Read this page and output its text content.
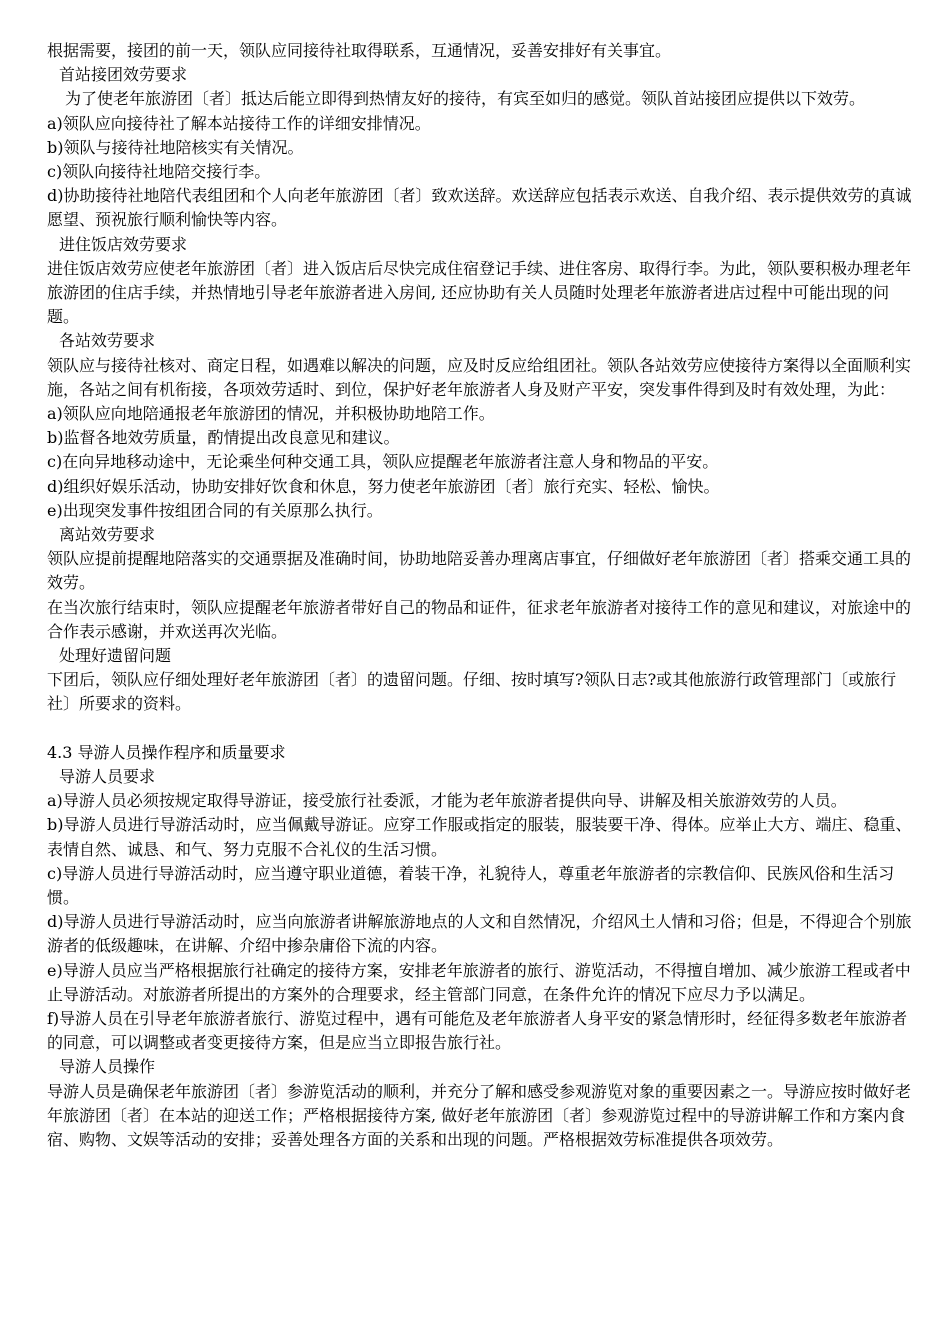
根据需要，接团的前一天，领队应同接待社取得联系，互通情况，妥善安排好有关事宜。

首站接团效劳要求

为了使老年旅游团〔者〕抵达后能立即得到热情友好的接待，有宾至如归的感觉。领队首站接团应提供以下效劳。

a)领队应向接待社了解本站接待工作的详细安排情况。

b)领队与接待社地陪核实有关情况。

c)领队向接待社地陪交接行李。

d)协助接待社地陪代表组团和个人向老年旅游团〔者〕致欢送辞。欢送辞应包括表示欢送、自我介绍、表示提供效劳的真诚愿望、预祝旅行顺利愉快等内容。

进住饭店效劳要求

进住饭店效劳应使老年旅游团〔者〕进入饭店后尽快完成住宿登记手续、进住客房、取得行李。为此，领队要积极办理老年旅游团的住店手续，并热情地引导老年旅游者进入房间, 还应协助有关人员随时处理老年旅游者进店过程中可能出现的问题。

各站效劳要求

领队应与接待社核对、商定日程，如遇难以解决的问题，应及时反应给组团社。领队各站效劳应使接待方案得以全面顺利实施，各站之间有机衔接，各项效劳适时、到位，保护好老年旅游者人身及财产平安，突发事件得到及时有效处理，为此：

a)领队应向地陪通报老年旅游团的情况，并积极协助地陪工作。

b)监督各地效劳质量，酌情提出改良意见和建议。

c)在向异地移动途中，无论乘坐何种交通工具，领队应提醒老年旅游者注意人身和物品的平安。

d)组织好娱乐活动，协助安排好饮食和休息，努力使老年旅游团〔者〕旅行充实、轻松、愉快。

e)出现突发事件按组团合同的有关原那么执行。

离站效劳要求

领队应提前提醒地陪落实的交通票据及准确时间，协助地陪妥善办理离店事宜，仔细做好老年旅游团〔者〕搭乘交通工具的效劳。

在当次旅行结束时，领队应提醒老年旅游者带好自己的物品和证件，征求老年旅游者对接待工作的意见和建议，对旅途中的合作表示感谢，并欢送再次光临。

处理好遗留问题

下团后，领队应仔细处理好老年旅游团〔者〕的遗留问题。仔细、按时填写?领队日志?或其他旅游行政管理部门〔或旅行社〕所要求的资料。

4.3 导游人员操作程序和质量要求

导游人员要求

a)导游人员必须按规定取得导游证，接受旅行社委派，才能为老年旅游者提供向导、讲解及相关旅游效劳的人员。

b)导游人员进行导游活动时，应当佩戴导游证。应穿工作服或指定的服装，服装要干净、得体。应举止大方、端庄、稳重、表情自然、诚恳、和气、努力克服不合礼仪的生活习惯。

c)导游人员进行导游活动时，应当遵守职业道德，着装干净，礼貌待人，尊重老年旅游者的宗教信仰、民族风俗和生活习惯。

d)导游人员进行导游活动时，应当向旅游者讲解旅游地点的人文和自然情况，介绍风土人情和习俗；但是，不得迎合个别旅游者的低级趣味，在讲解、介绍中掺杂庸俗下流的内容。

e)导游人员应当严格根据旅行社确定的接待方案，安排老年旅游者的旅行、游览活动，不得擅自增加、减少旅游工程或者中止导游活动。对旅游者所提出的方案外的合理要求，经主管部门同意，在条件允许的情况下应尽力予以满足。

f)导游人员在引导老年旅游者旅行、游览过程中，遇有可能危及老年旅游者人身平安的紧急情形时，经征得多数老年旅游者的同意，可以调整或者变更接待方案，但是应当立即报告旅行社。

导游人员操作

导游人员是确保老年旅游团〔者〕参游览活动的顺利，并充分了解和感受参观游览对象的重要因素之一。导游应按时做好老年旅游团〔者〕在本站的迎送工作；严格根据接待方案, 做好老年旅游团〔者〕参观游览过程中的导游讲解工作和方案内食宿、购物、文娱等活动的安排；妥善处理各方面的关系和出现的问题。严格根据效劳标准提供各项效劳。
